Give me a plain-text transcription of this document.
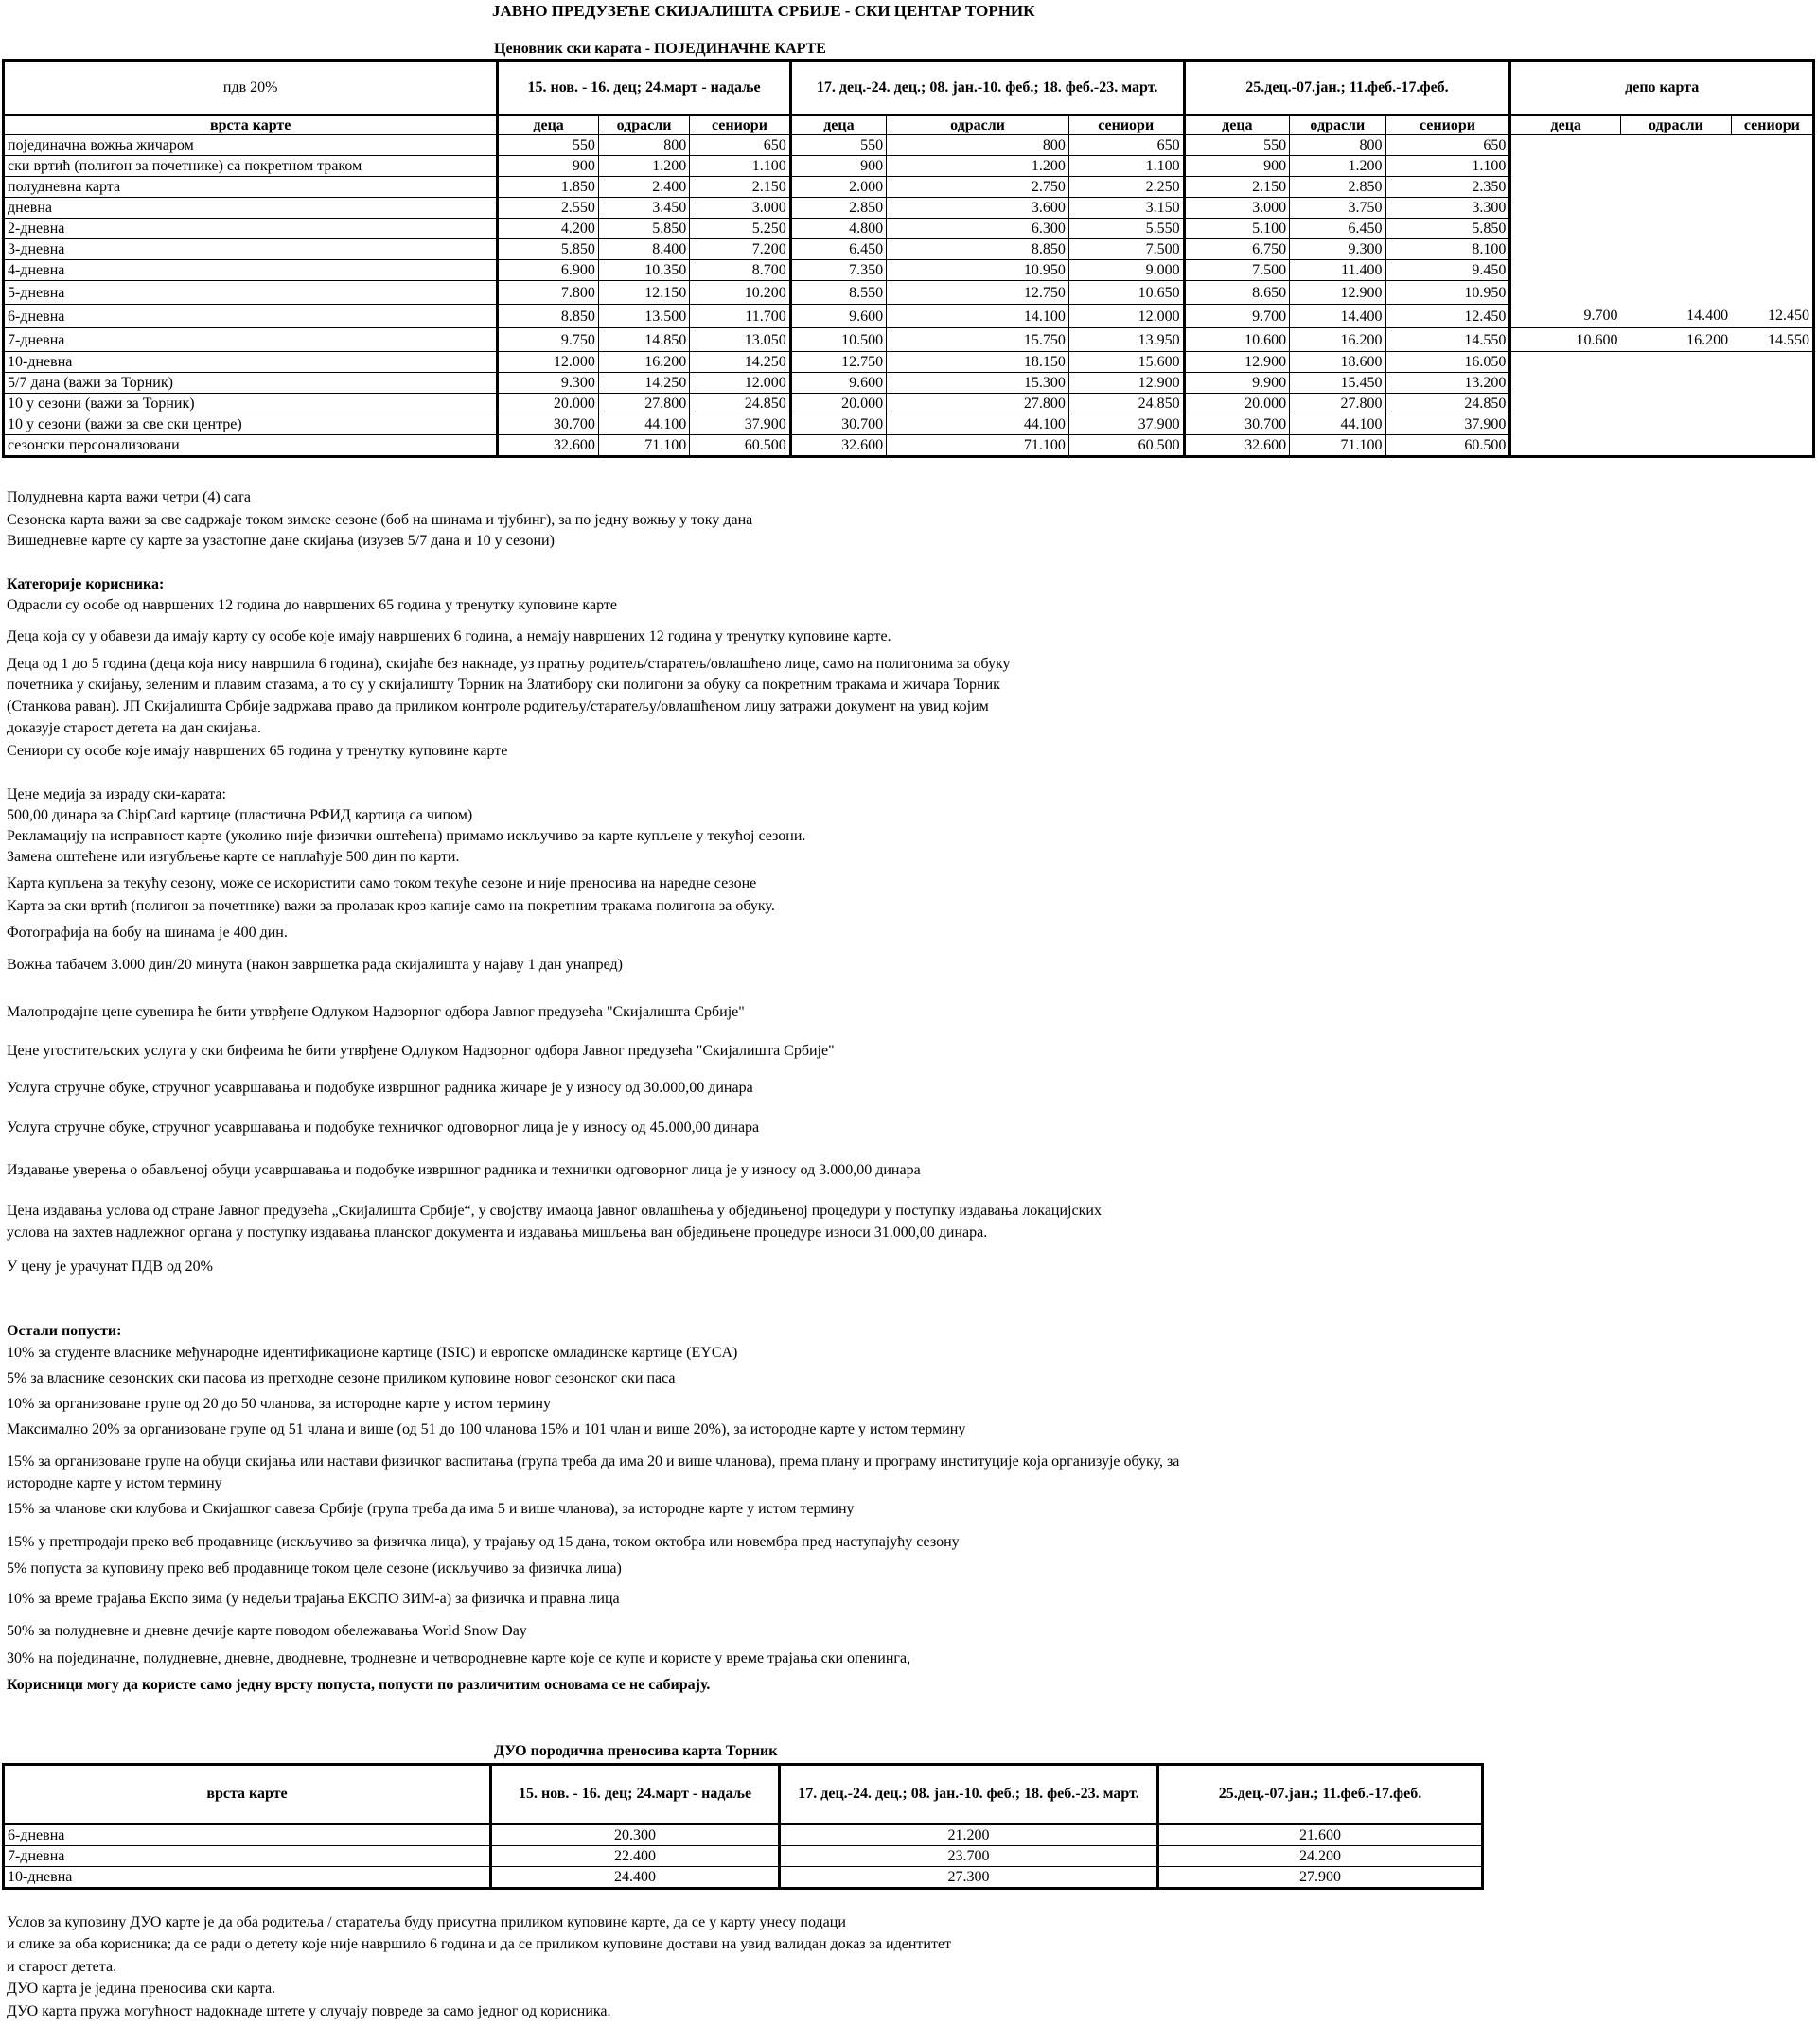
ЈАВНО ПРЕДУЗЕЋЕ СКИЈАЛИШТА СРБИЈЕ - СКИ ЦЕНТАР ТОРНИК
Ценовник ски карата - ПОЈЕДИНАЧНЕ КАРТЕ
пдв 20%	15. нов. - 16. дец; 24.март - надаље			17. дец.-24. дец.; 08. јан.-10. феб.; 18. феб.-23. март.			25.дец.-07.јан.; 11.феб.-17.феб.			депо карта		
врста карте	деца	одрасли	сениори	деца	одрасли	сениори	деца	одрасли	сениори	деца	одрасли	сениори
појединачна вожња жичаром	550	800	650	550	800	650	550	800	650			
ски вртић (полигон за почетнике) са покретном траком	900	1.200	1.100	900	1.200	1.100	900	1.200	1.100			
полудневна карта	1.850	2.400	2.150	2.000	2.750	2.250	2.150	2.850	2.350			
дневна	2.550	3.450	3.000	2.850	3.600	3.150	3.000	3.750	3.300			
2-дневна	4.200	5.850	5.250	4.800	6.300	5.550	5.100	6.450	5.850			
3-дневна	5.850	8.400	7.200	6.450	8.850	7.500	6.750	9.300	8.100			
4-дневна	6.900	10.350	8.700	7.350	10.950	9.000	7.500	11.400	9.450			
5-дневна	7.800	12.150	10.200	8.550	12.750	10.650	8.650	12.900	10.950			
6-дневна	8.850	13.500	11.700	9.600	14.100	12.000	9.700	14.400	12.450	9.700	14.400	12.450
7-дневна	9.750	14.850	13.050	10.500	15.750	13.950	10.600	16.200	14.550	10.600	16.200	14.550
10-дневна	12.000	16.200	14.250	12.750	18.150	15.600	12.900	18.600	16.050			
5/7 дана (важи за Торник)	9.300	14.250	12.000	9.600	15.300	12.900	9.900	15.450	13.200			
10 у сезони (важи за Торник)	20.000	27.800	24.850	20.000	27.800	24.850	20.000	27.800	24.850			
10 у сезони (важи за све ски центре)	30.700	44.100	37.900	30.700	44.100	37.900	30.700	44.100	37.900			
сезонски персонализовани	32.600	71.100	60.500	32.600	71.100	60.500	32.600	71.100	60.500			
Полудневна карта важи четри (4) сата
Сезонска карта важи за све садржаје током зимске сезоне (боб на шинама и тјубинг), за по једну вожњу у току дана
Вишедневне карте су карте за узастопне дане скијања (изузев 5/7 дана и 10 у сезони)
Категорије корисника:
Одрасли су особе од навршених 12 година до навршених 65 година у тренутку куповине карте
Деца која су у обавези да имају карту су особе које имају навршених 6 година, а немају навршених 12 година у тренутку куповине карте.
Деца од 1 до 5 година (деца која нису навршила 6 година), скијаће без накнаде, уз пратњу родитељ/старатељ/овлашћено лице, само на полигонима за обуку
почетника у скијању, зеленим и плавим стазама, а то су у скијалишту Торник на Златибору ски полигони за обуку са покретним тракама и жичара Торник
(Станкова раван). ЈП Скијалишта Србије задржава право да приликом контроле родитељу/старатељу/овлашћеном лицу затражи документ на увид којим
доказује старост детета на дан скијања.
Сениори су особе које имају навршених 65 година у тренутку куповине карте
Цене медија за израду ски-карата:
500,00 динара за ChipCard картице (пластична РФИД картица са чипом)
Рекламацију на исправност карте (уколико није физички оштећена) примамо искључиво за карте купљене у текућој сезони.
Замена оштећене или изгубљење карте се наплаћује 500 дин по карти.
Карта купљена за текућу сезону, може се искористити само током текуће сезоне и није преносива на наредне сезоне
Карта за ски вртић (полигон за почетнике) важи за пролазак кроз капије само на покретним тракама полигона за обуку.
Фотографија на бобу на шинама је 400 дин.
Вожња табачем 3.000 дин/20 минута (након завршетка рада скијалишта у најаву 1 дан унапред)
Малопродајне цене сувенира ће бити утврђене Одлуком Надзорног одбора Јавног предузећа "Скијалишта Србије"
Цене угоститељских услуга у ски бифеима ће бити утврђене Одлуком Надзорног одбора Јавног предузећа "Скијалишта Србије"
Услуга стручне обуке, стручног усавршавања и подобуке извршног радника жичаре је у износу од 30.000,00 динара
Услуга стручне обуке, стручног усавршавања и подобуке техничког одговорног лица је у износу од 45.000,00 динара
Издавање уверења о обављеној обуци усавршавања и подобуке извршног радника и технички одговорног лица је у износу од 3.000,00 динара
Цена издавања услова од стране Јавног предузећа „Скијалишта Србије“, у својству имаоца јавног овлашћења у обједињеној процедури у поступку издавања локацијских
услова на захтев надлежног органа у поступку издавања планског документа и издавања мишљења ван обједињене процедуре износи 31.000,00 динара.
У цену је урачунат ПДВ од 20%
Остали попусти:
10% за студенте власнике међународне идентификационе картице (ISIC) и европске омладинске картице (EYCA)
5% за власнике сезонских ски пасова из претходне сезоне приликом куповине новог сезонског ски паса
10% за организоване групе од 20 до 50 чланова, за истородне карте у истом термину
Максимално 20% за организоване групе од 51 члана и више (од 51 до 100 чланова 15% и 101 члан и више 20%), за истородне карте у истом термину
15% за организоване групе на обуци скијања или настави физичког васпитања (група треба да има 20 и више чланова), према плану и програму институције која организује обуку, за
истородне карте у истом термину
15% за чланове ски клубова и Скијашког савеза Србије (група треба да има 5 и више чланова), за истородне карте у истом термину
15% у претпродаји преко веб продавнице (искључиво за физичка лица), у трајању од 15 дана, током октобра или новембра пред наступајућу сезону
5% попуста за куповину преко веб продавнице током целе сезоне (искључиво за физичка лица)
10% за време трајања Експо зима (у недељи трајања ЕКСПО ЗИМ-а) за физичка и правна лица
50% за полудневне и дневне дечије карте поводом обележавања World Snow Day
30% на појединачне, полудневне, дневне, дводневне, тродневне и четвородневне карте које се купе и користе у време трајања ски опенинга,
Корисници могу да користе само једну врсту попуста, попусти по различитим основама се не сабирају.
ДУО породична преносива карта Торник
врста карте	15. нов. - 16. дец; 24.март - надаље	17. дец.-24. дец.; 08. јан.-10. феб.; 18. феб.-23. март.	25.дец.-07.јан.; 11.феб.-17.феб.
6-дневна	20.300	21.200	21.600
7-дневна	22.400	23.700	24.200
10-дневна	24.400	27.300	27.900
Услов за куповину ДУО карте је да оба родитеља / старатеља буду присутна приликом куповине карте, да се у карту унесу подаци
и слике за оба корисника; да се ради о детету које није навршило 6 година и да се приликом куповине достави на увид валидан доказ за идентитет
и старост детета.
ДУО карта је једина преносива ски карта.
ДУО карта пружа могућност надокнаде штете у случају повреде за само једног од корисника.
